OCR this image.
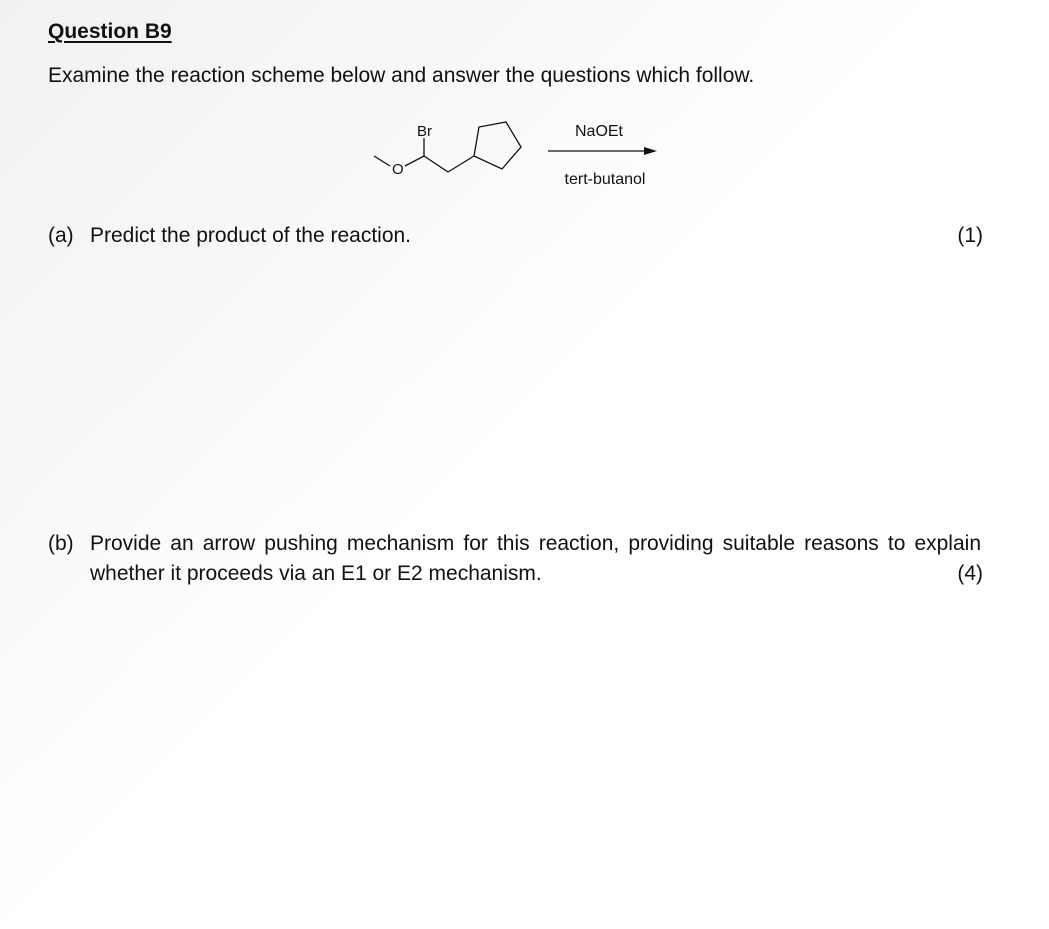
Question B9
Examine the reaction scheme below and answer the questions which follow.
Br
O
NaOEt
tert-butanol
(a) Predict the product of the reaction.	(1)
(b) Provide an arrow pushing mechanism for this reaction, providing suitable reasons to explain whether it proceeds via an E1 or E2 mechanism.	(4)
